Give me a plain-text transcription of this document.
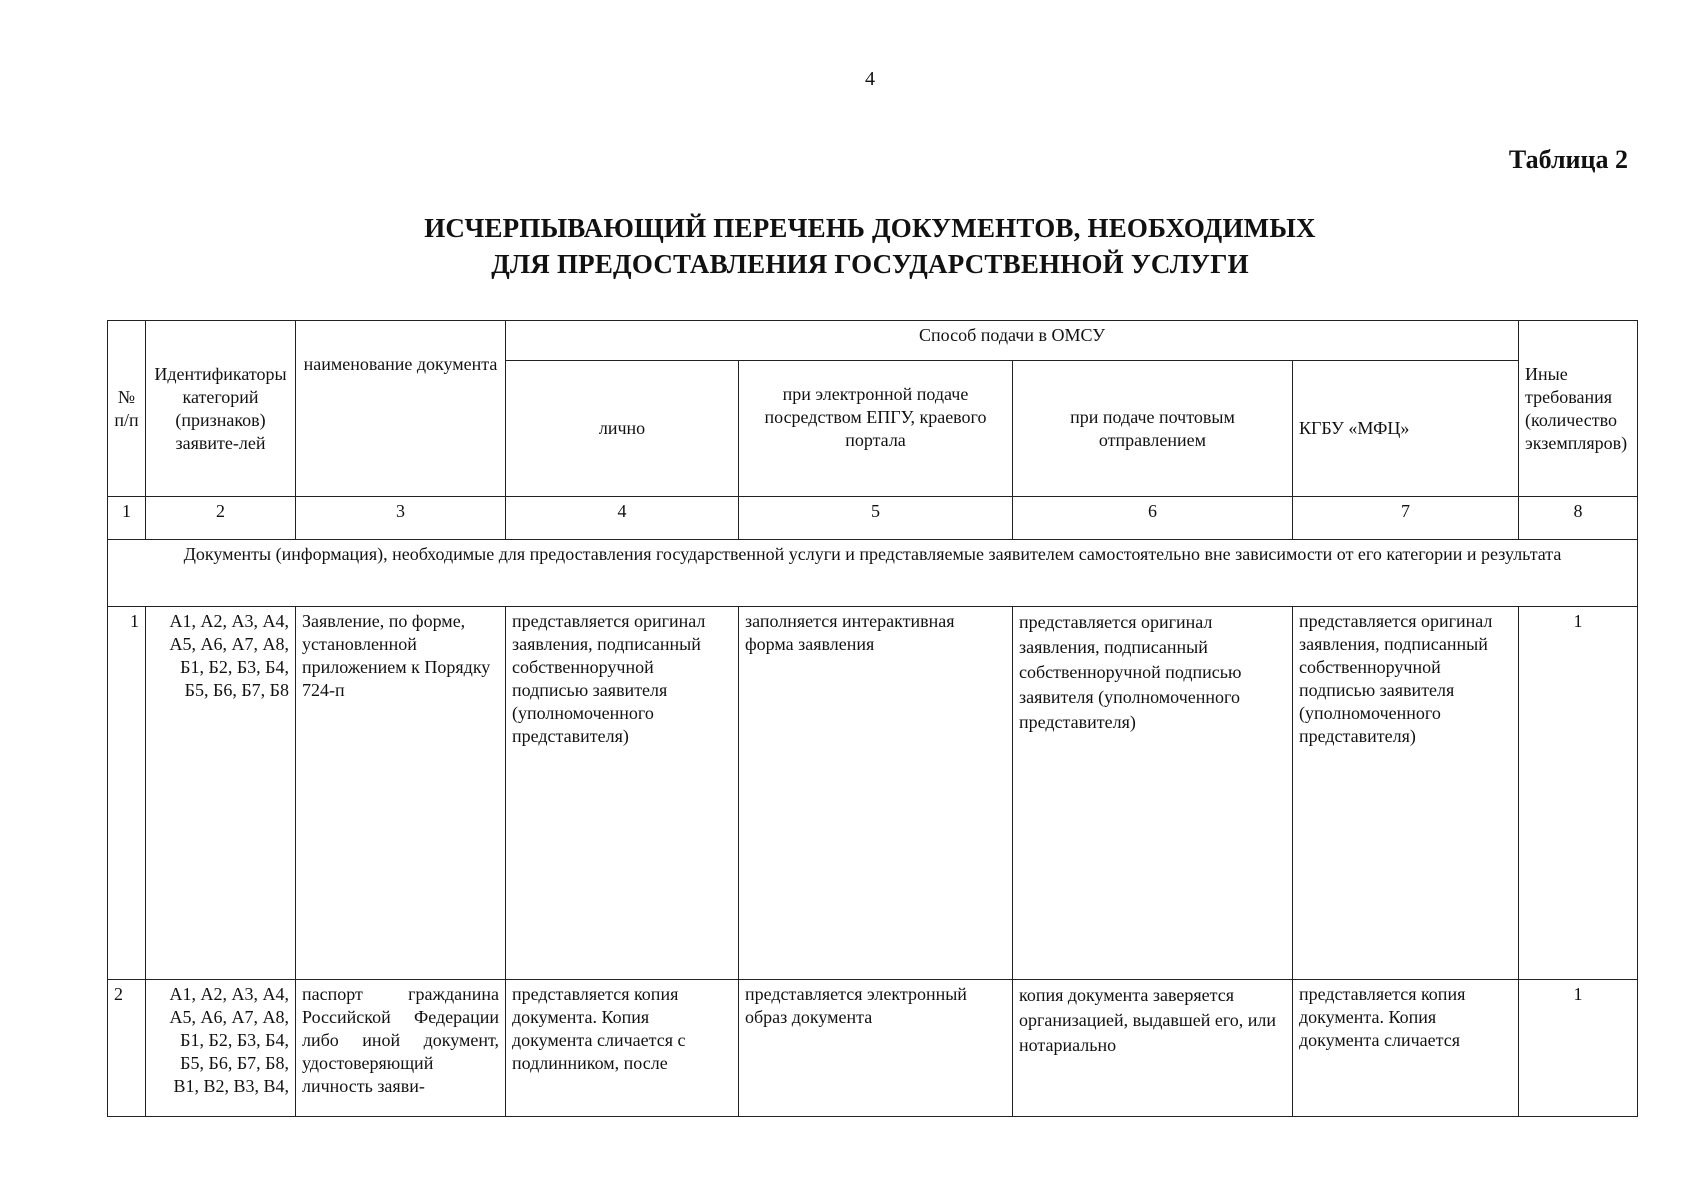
4
Таблица 2
ИСЧЕРПЫВАЮЩИЙ ПЕРЕЧЕНЬ ДОКУМЕНТОВ, НЕОБХОДИМЫХ
ДЛЯ ПРЕДОСТАВЛЕНИЯ ГОСУДАРСТВЕННОЙ УСЛУГИ
№ п/п	Идентификаторы категорий (признаков) заявите-лей	наименование документа	Способ подачи в ОМСУ				Иные требования (количество экземпляров)
			лично	при электронной подаче посредством ЕПГУ, краевого портала	при подаче почтовым отправлением	КГБУ «МФЦ»	
1	2	3	4	5	6	7	8
Документы (информация), необходимые для предоставления государственной услуги и представляемые заявителем самостоятельно вне зависимости от его категории и результата							
1	А1, А2, А3, А4, А5, А6, А7, А8, Б1, Б2, Б3, Б4, Б5, Б6, Б7, Б8	Заявление, по форме, установленной приложением к Порядку 724-п	представляется оригинал заявления, подписанный собственноручной подписью заявителя (уполномоченного представителя)	заполняется интерактивная форма заявления	представляется оригинал заявления, подписанный собственноручной подписью заявителя (уполномоченного представителя)	представляется оригинал заявления, подписанный собственноручной подписью заявителя (уполномоченного представителя)	1
2	А1, А2, А3, А4, А5, А6, А7, А8, Б1, Б2, Б3, Б4, Б5, Б6, Б7, Б8, В1, В2, В3, В4,	паспорт гражданина Российской Федерации либо иной документ, удостоверяющий личность заяви-	представляется копия документа. Копия документа сличается с подлинником, после	представляется электронный образ документа	копия документа заверяется организацией, выдавшей его, или нотариально	представляется копия документа. Копия документа сличается	1
